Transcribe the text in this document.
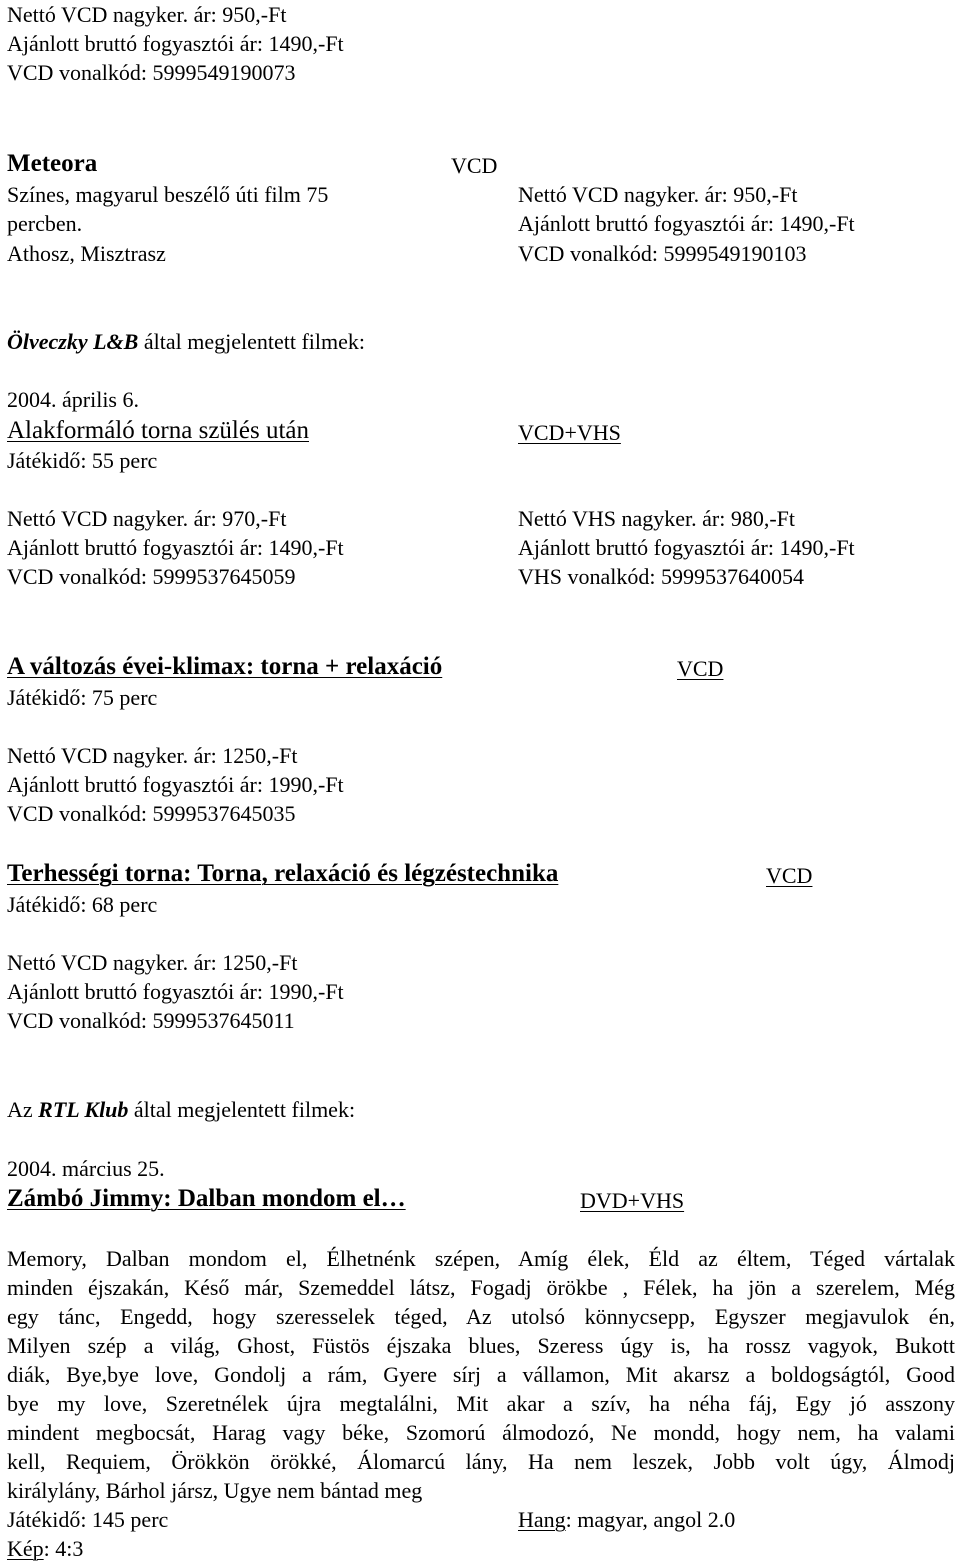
Nettó VCD nagyker. ár: 950,-Ft
Ajánlott bruttó fogyasztói ár: 1490,-Ft
VCD vonalkód: 5999549190073
Meteora
Színes, magyarul beszélő úti film 75
percben.
Athosz, Misztrasz
VCD
Nettó VCD nagyker. ár: 950,-Ft
Ajánlott bruttó fogyasztói ár: 1490,-Ft
VCD vonalkód: 5999549190103
Ölveczky L&B által megjelentett filmek:
2004. április 6.
Alakformáló torna szülés után	VCD+VHS
Játékidő: 55 perc
Nettó VCD nagyker. ár: 970,-Ft
Ajánlott bruttó fogyasztói ár: 1490,-Ft
VCD vonalkód: 5999537645059
Nettó VHS nagyker. ár: 980,-Ft
Ajánlott bruttó fogyasztói ár: 1490,-Ft
VHS vonalkód: 5999537640054
A változás évei-klimax: torna + relaxáció	VCD
Játékidő: 75 perc
Nettó VCD nagyker. ár: 1250,-Ft
Ajánlott bruttó fogyasztói ár: 1990,-Ft
VCD vonalkód: 5999537645035
Terhességi torna: Torna, relaxáció és légzéstechnika	VCD
Játékidő: 68 perc
Nettó VCD nagyker. ár: 1250,-Ft
Ajánlott bruttó fogyasztói ár: 1990,-Ft
VCD vonalkód: 5999537645011
Az RTL Klub által megjelentett filmek:
2004. március 25.
Zámbó Jimmy: Dalban mondom el…	DVD+VHS

Memory, Dalban mondom el, Élhetnénk szépen, Amíg élek, Éld az éltem, Téged vártalak

minden éjszakán, Késő már, Szemeddel látsz, Fogadj örökbe , Félek, ha jön a szerelem, Még

egy tánc, Engedd, hogy szeresselek téged, Az utolsó könnycsepp, Egyszer megjavulok én,

Milyen szép a világ, Ghost, Füstös éjszaka blues, Szeress úgy is, ha rossz vagyok, Bukott

diák, Bye,bye love, Gondolj a rám, Gyere sírj a vállamon, Mit akarsz a boldogságtól, Good

bye my love, Szeretnélek újra megtalálni, Mit akar a szív, ha néha fáj, Egy jó asszony

mindent megbocsát, Harag vagy béke, Szomorú álmodozó, Ne mondd, hogy nem, ha valami

kell, Requiem, Örökkön örökké, Álomarcú lány, Ha nem leszek, Jobb volt úgy, Álmodj

királylány, Bárhol jársz, Ugye nem bántad meg

Játékidő: 145 perc	Hang: magyar, angol 2.0
Kép: 4:3
